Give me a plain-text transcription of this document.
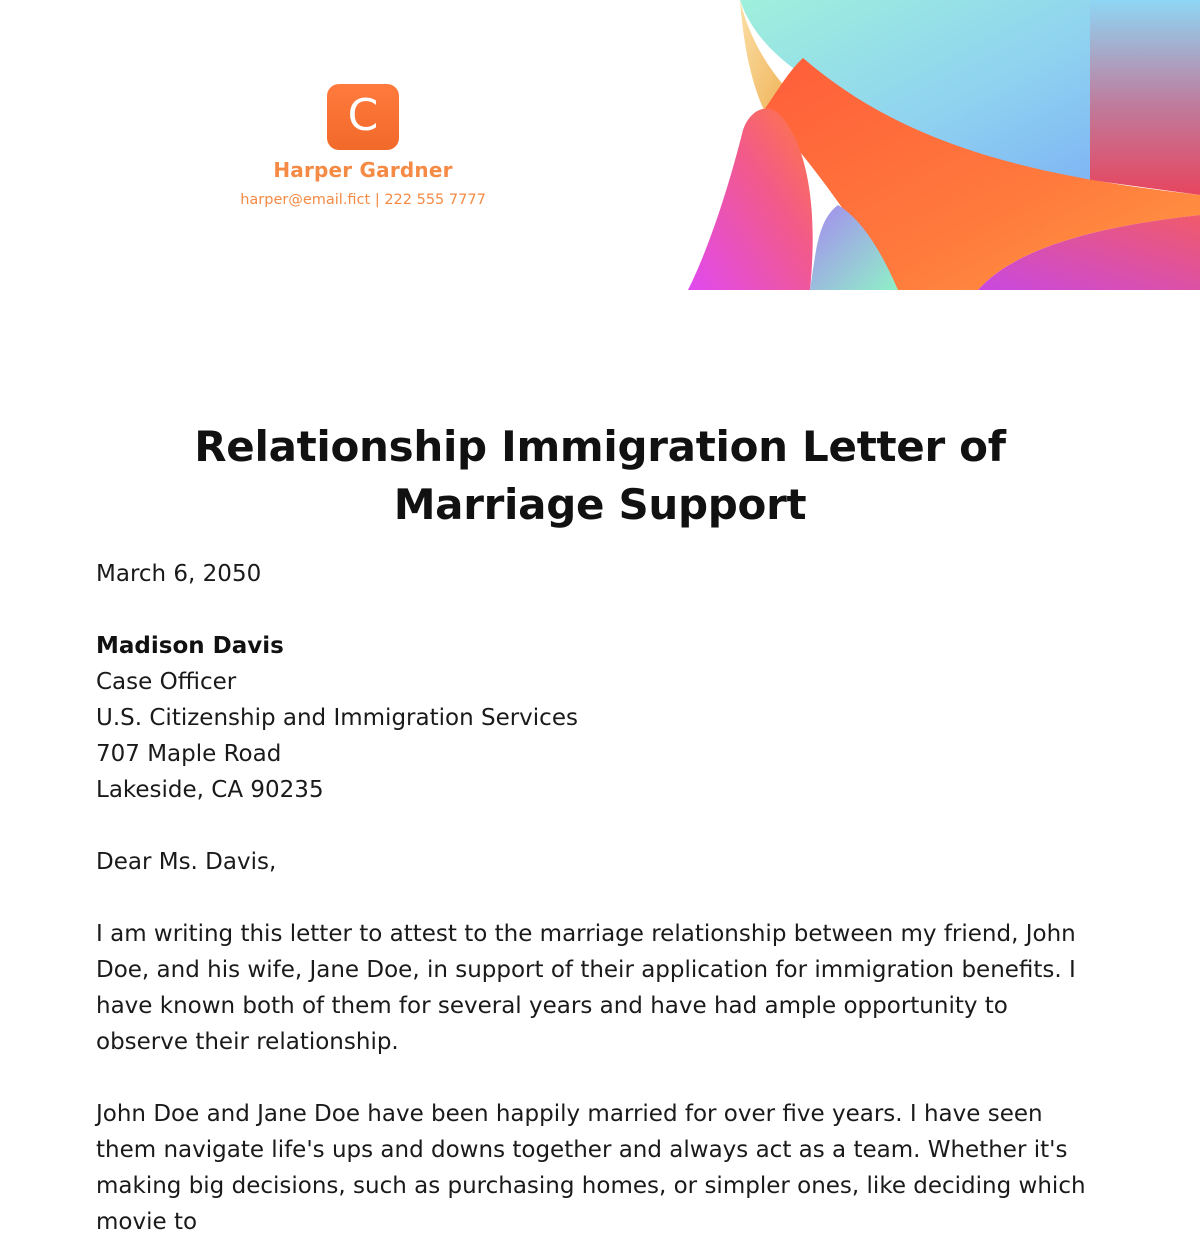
C
Harper Gardner
harper@email.fict | 222 555 7777
Relationship Immigration Letter of Marriage Support
March 6, 2050
Madison Davis
Case Officer
U.S. Citizenship and Immigration Services
707 Maple Road
Lakeside, CA 90235
Dear Ms. Davis,

I am writing this letter to attest to the marriage relationship between my friend, John Doe, and his wife, Jane Doe, in support of their application for immigration benefits. I have known both of them for several years and have had ample opportunity to observe their relationship.

John Doe and Jane Doe have been happily married for over five years. I have seen them navigate life's ups and downs together and always act as a team. Whether it's making big decisions, such as purchasing homes, or simpler ones, like deciding which movie to
